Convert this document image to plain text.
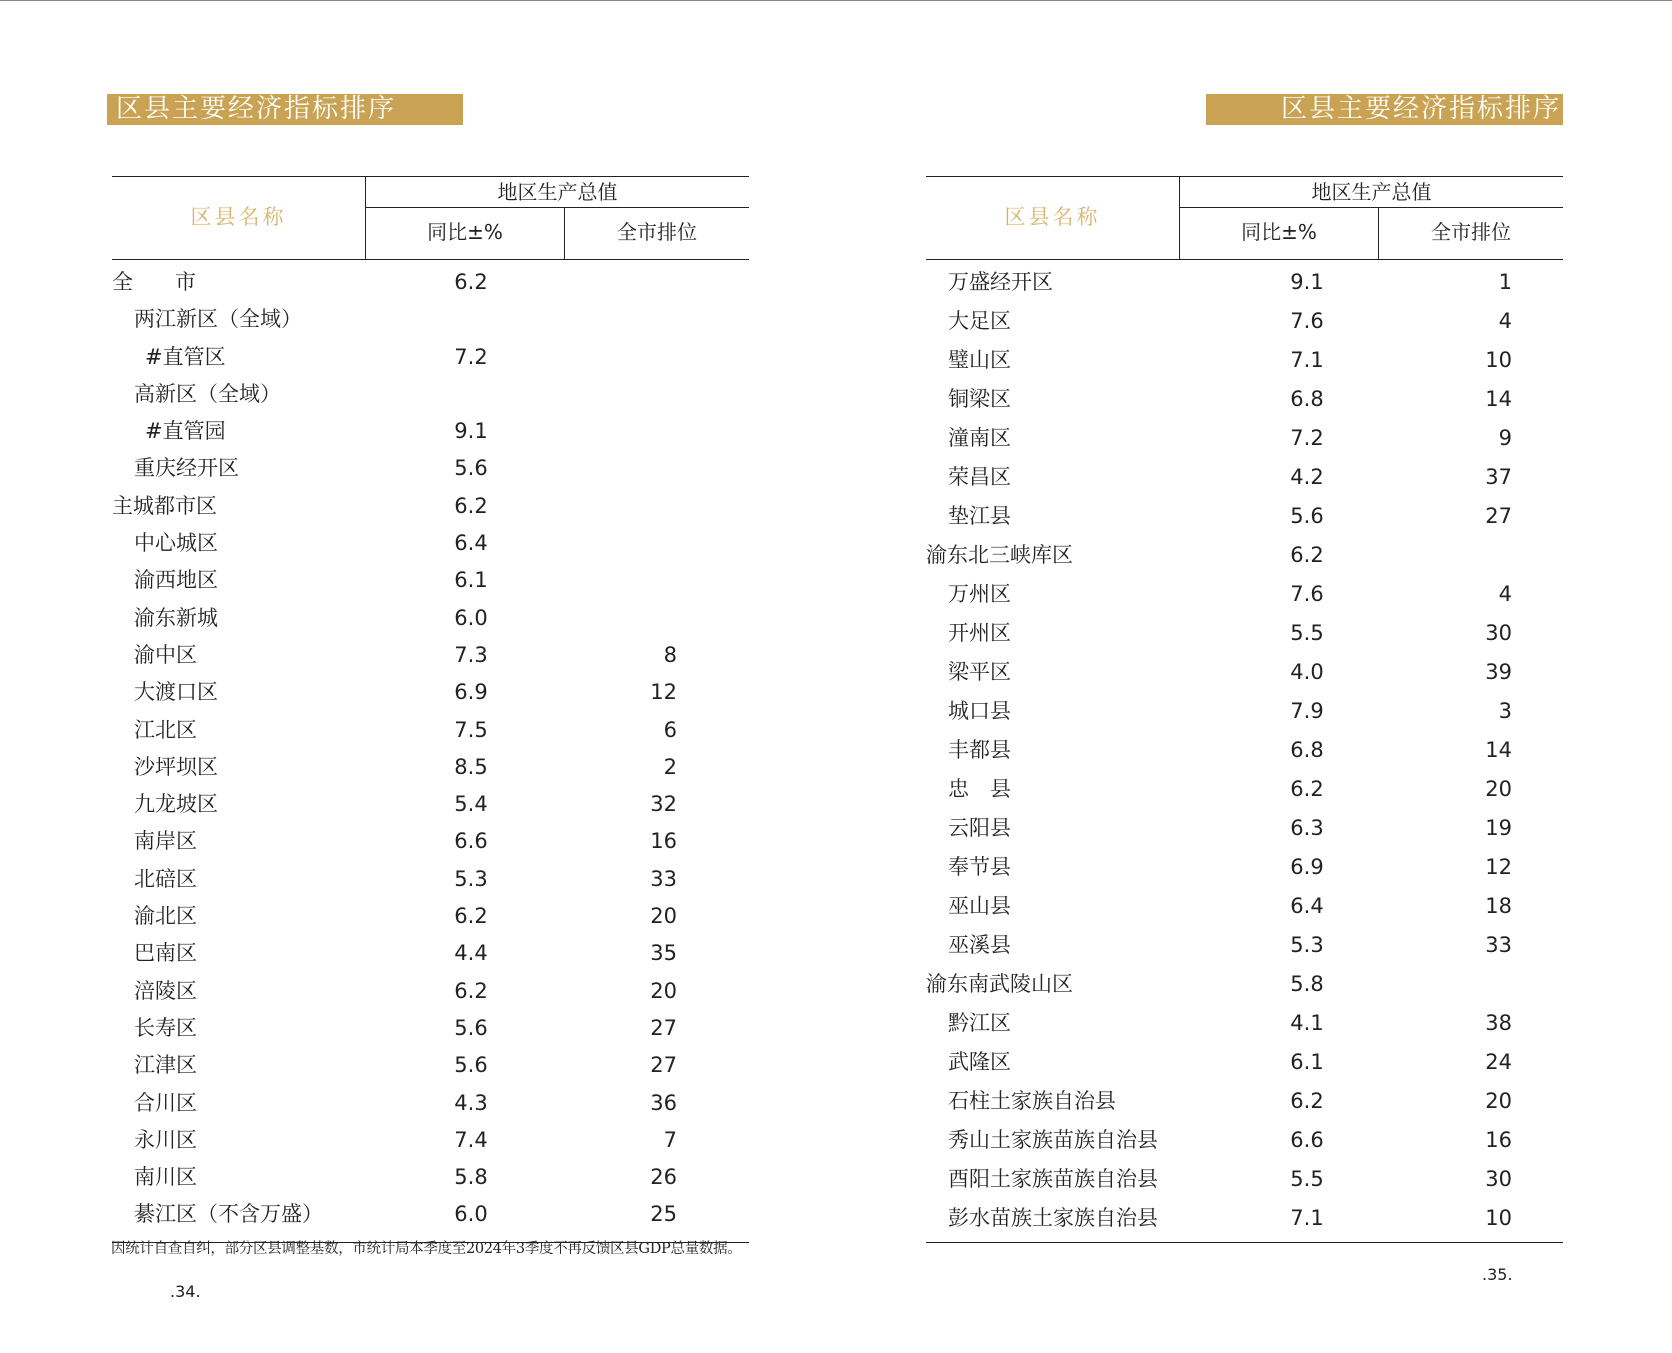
区县主要经济指标排序
区县名称
地区生产总值
同比±%	全市排位
全　　市	6.2
两江新区（全域）
#直管区	7.2
高新区（全域）
#直管园	9.1
重庆经开区	5.6
主城都市区	6.2
中心城区	6.4
渝西地区	6.1
渝东新城	6.0
渝中区	7.3	8
大渡口区	6.9	12
江北区	7.5	6
沙坪坝区	8.5	2
九龙坡区	5.4	32
南岸区	6.6	16
北碚区	5.3	33
渝北区	6.2	20
巴南区	4.4	35
涪陵区	6.2	20
长寿区	5.6	27
江津区	5.6	27
合川区	4.3	36
永川区	7.4	7
南川区	5.8	26
綦江区（不含万盛）	6.0	25
因统计自查自纠，部分区县调整基数，市统计局本季度至2024年3季度不再反馈区县GDP总量数据。
.34.
区县主要经济指标排序
区县名称
地区生产总值
同比±%	全市排位
万盛经开区	9.1	1
大足区	7.6	4
璧山区	7.1	10
铜梁区	6.8	14
潼南区	7.2	9
荣昌区	4.2	37
垫江县	5.6	27
渝东北三峡库区	6.2
万州区	7.6	4
开州区	5.5	30
梁平区	4.0	39
城口县	7.9	3
丰都县	6.8	14
忠　县	6.2	20
云阳县	6.3	19
奉节县	6.9	12
巫山县	6.4	18
巫溪县	5.3	33
渝东南武陵山区	5.8
黔江区	4.1	38
武隆区	6.1	24
石柱土家族自治县	6.2	20
秀山土家族苗族自治县	6.6	16
酉阳土家族苗族自治县	5.5	30
彭水苗族土家族自治县	7.1	10
.35.
